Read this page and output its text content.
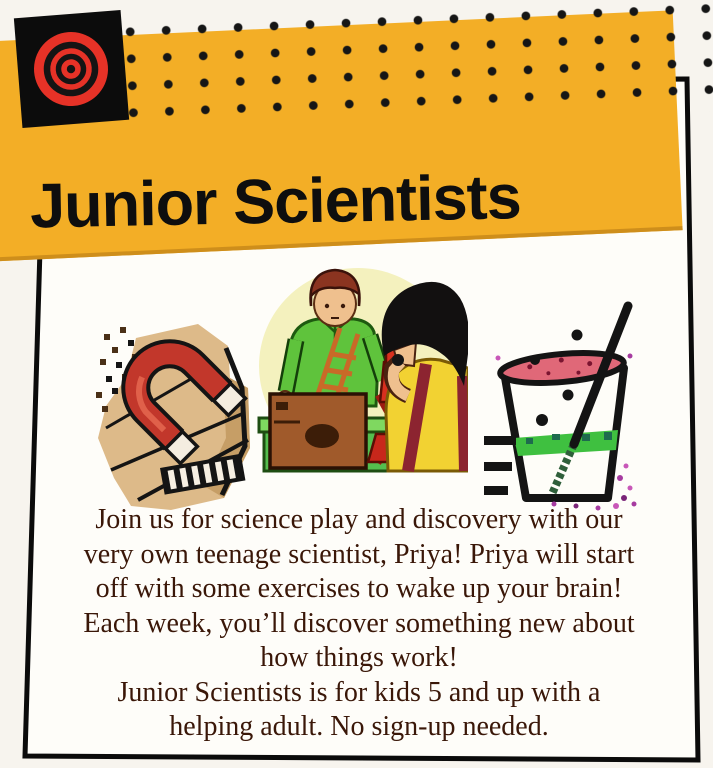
Junior Scientists
Join us for science play and discovery with our
very own teenage scientist, Priya! Priya will start
off with some exercises to wake up your brain!
Each week, you’ll discover something new about
how things work!
Junior Scientists is for kids 5 and up with a
helping adult. No sign-up needed.
